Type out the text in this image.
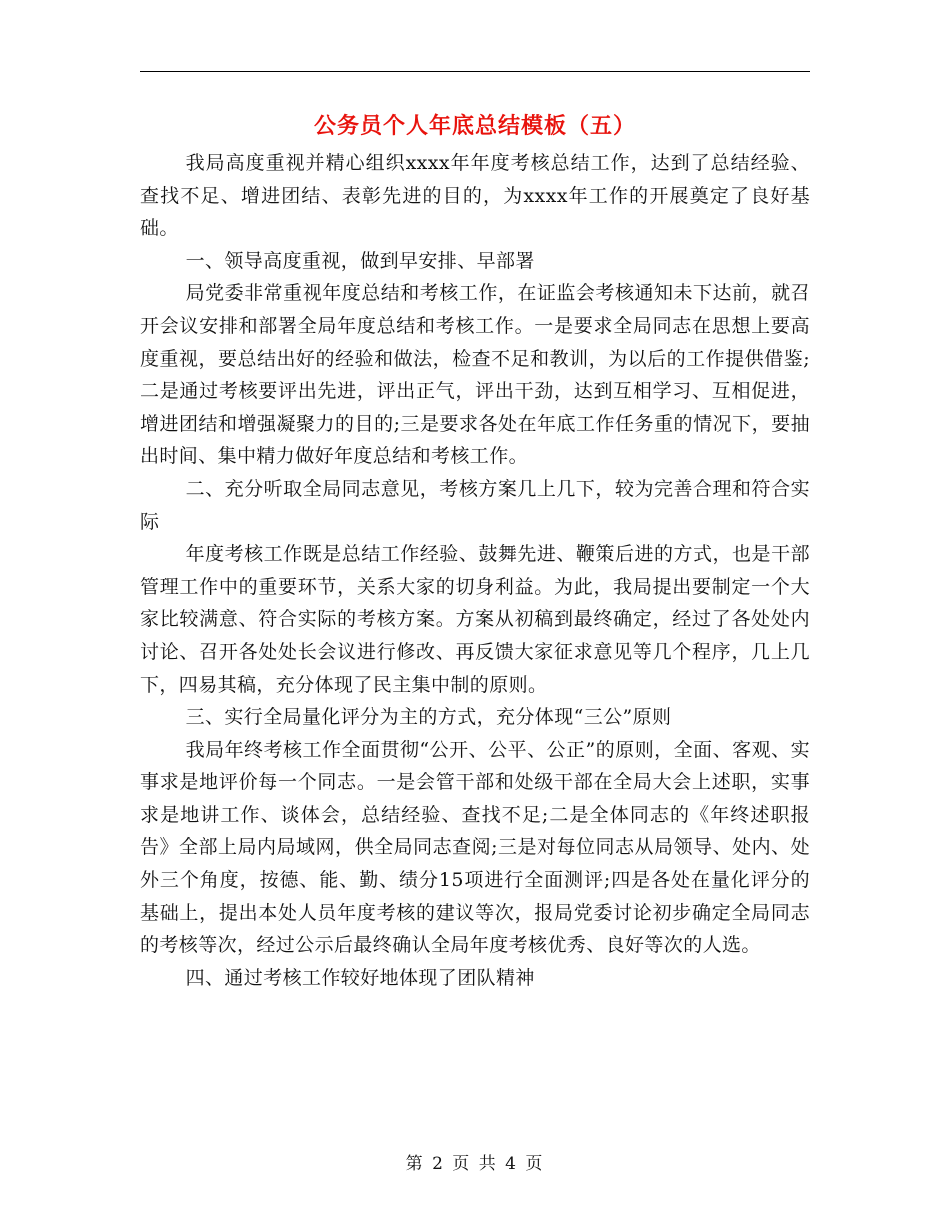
公务员个人年底总结模板（五）

我局高度重视并精心组织xxxx年年度考核总结工作，达到了总结经验、查找不足、增进团结、表彰先进的目的，为xxxx年工作的开展奠定了良好基础。

一、领导高度重视，做到早安排、早部署

局党委非常重视年度总结和考核工作，在证监会考核通知未下达前，就召开会议安排和部署全局年度总结和考核工作。一是要求全局同志在思想上要高度重视，要总结出好的经验和做法，检查不足和教训，为以后的工作提供借鉴;二是通过考核要评出先进，评出正气，评出干劲，达到互相学习、互相促进，增进团结和增强凝聚力的目的;三是要求各处在年底工作任务重的情况下，要抽出时间、集中精力做好年度总结和考核工作。

二、充分听取全局同志意见，考核方案几上几下，较为完善合理和符合实际

年度考核工作既是总结工作经验、鼓舞先进、鞭策后进的方式，也是干部管理工作中的重要环节，关系大家的切身利益。为此，我局提出要制定一个大家比较满意、符合实际的考核方案。方案从初稿到最终确定，经过了各处处内讨论、召开各处处长会议进行修改、再反馈大家征求意见等几个程序，几上几下，四易其稿，充分体现了民主集中制的原则。

三、实行全局量化评分为主的方式，充分体现“三公”原则

我局年终考核工作全面贯彻“公开、公平、公正”的原则，全面、客观、实事求是地评价每一个同志。一是会管干部和处级干部在全局大会上述职，实事求是地讲工作、谈体会，总结经验、查找不足;二是全体同志的《年终述职报告》全部上局内局域网，供全局同志查阅;三是对每位同志从局领导、处内、处外三个角度，按德、能、勤、绩分15项进行全面测评;四是各处在量化评分的基础上，提出本处人员年度考核的建议等次，报局党委讨论初步确定全局同志的考核等次，经过公示后最终确认全局年度考核优秀、良好等次的人选。

四、通过考核工作较好地体现了团队精神

第 2 页 共 4 页
